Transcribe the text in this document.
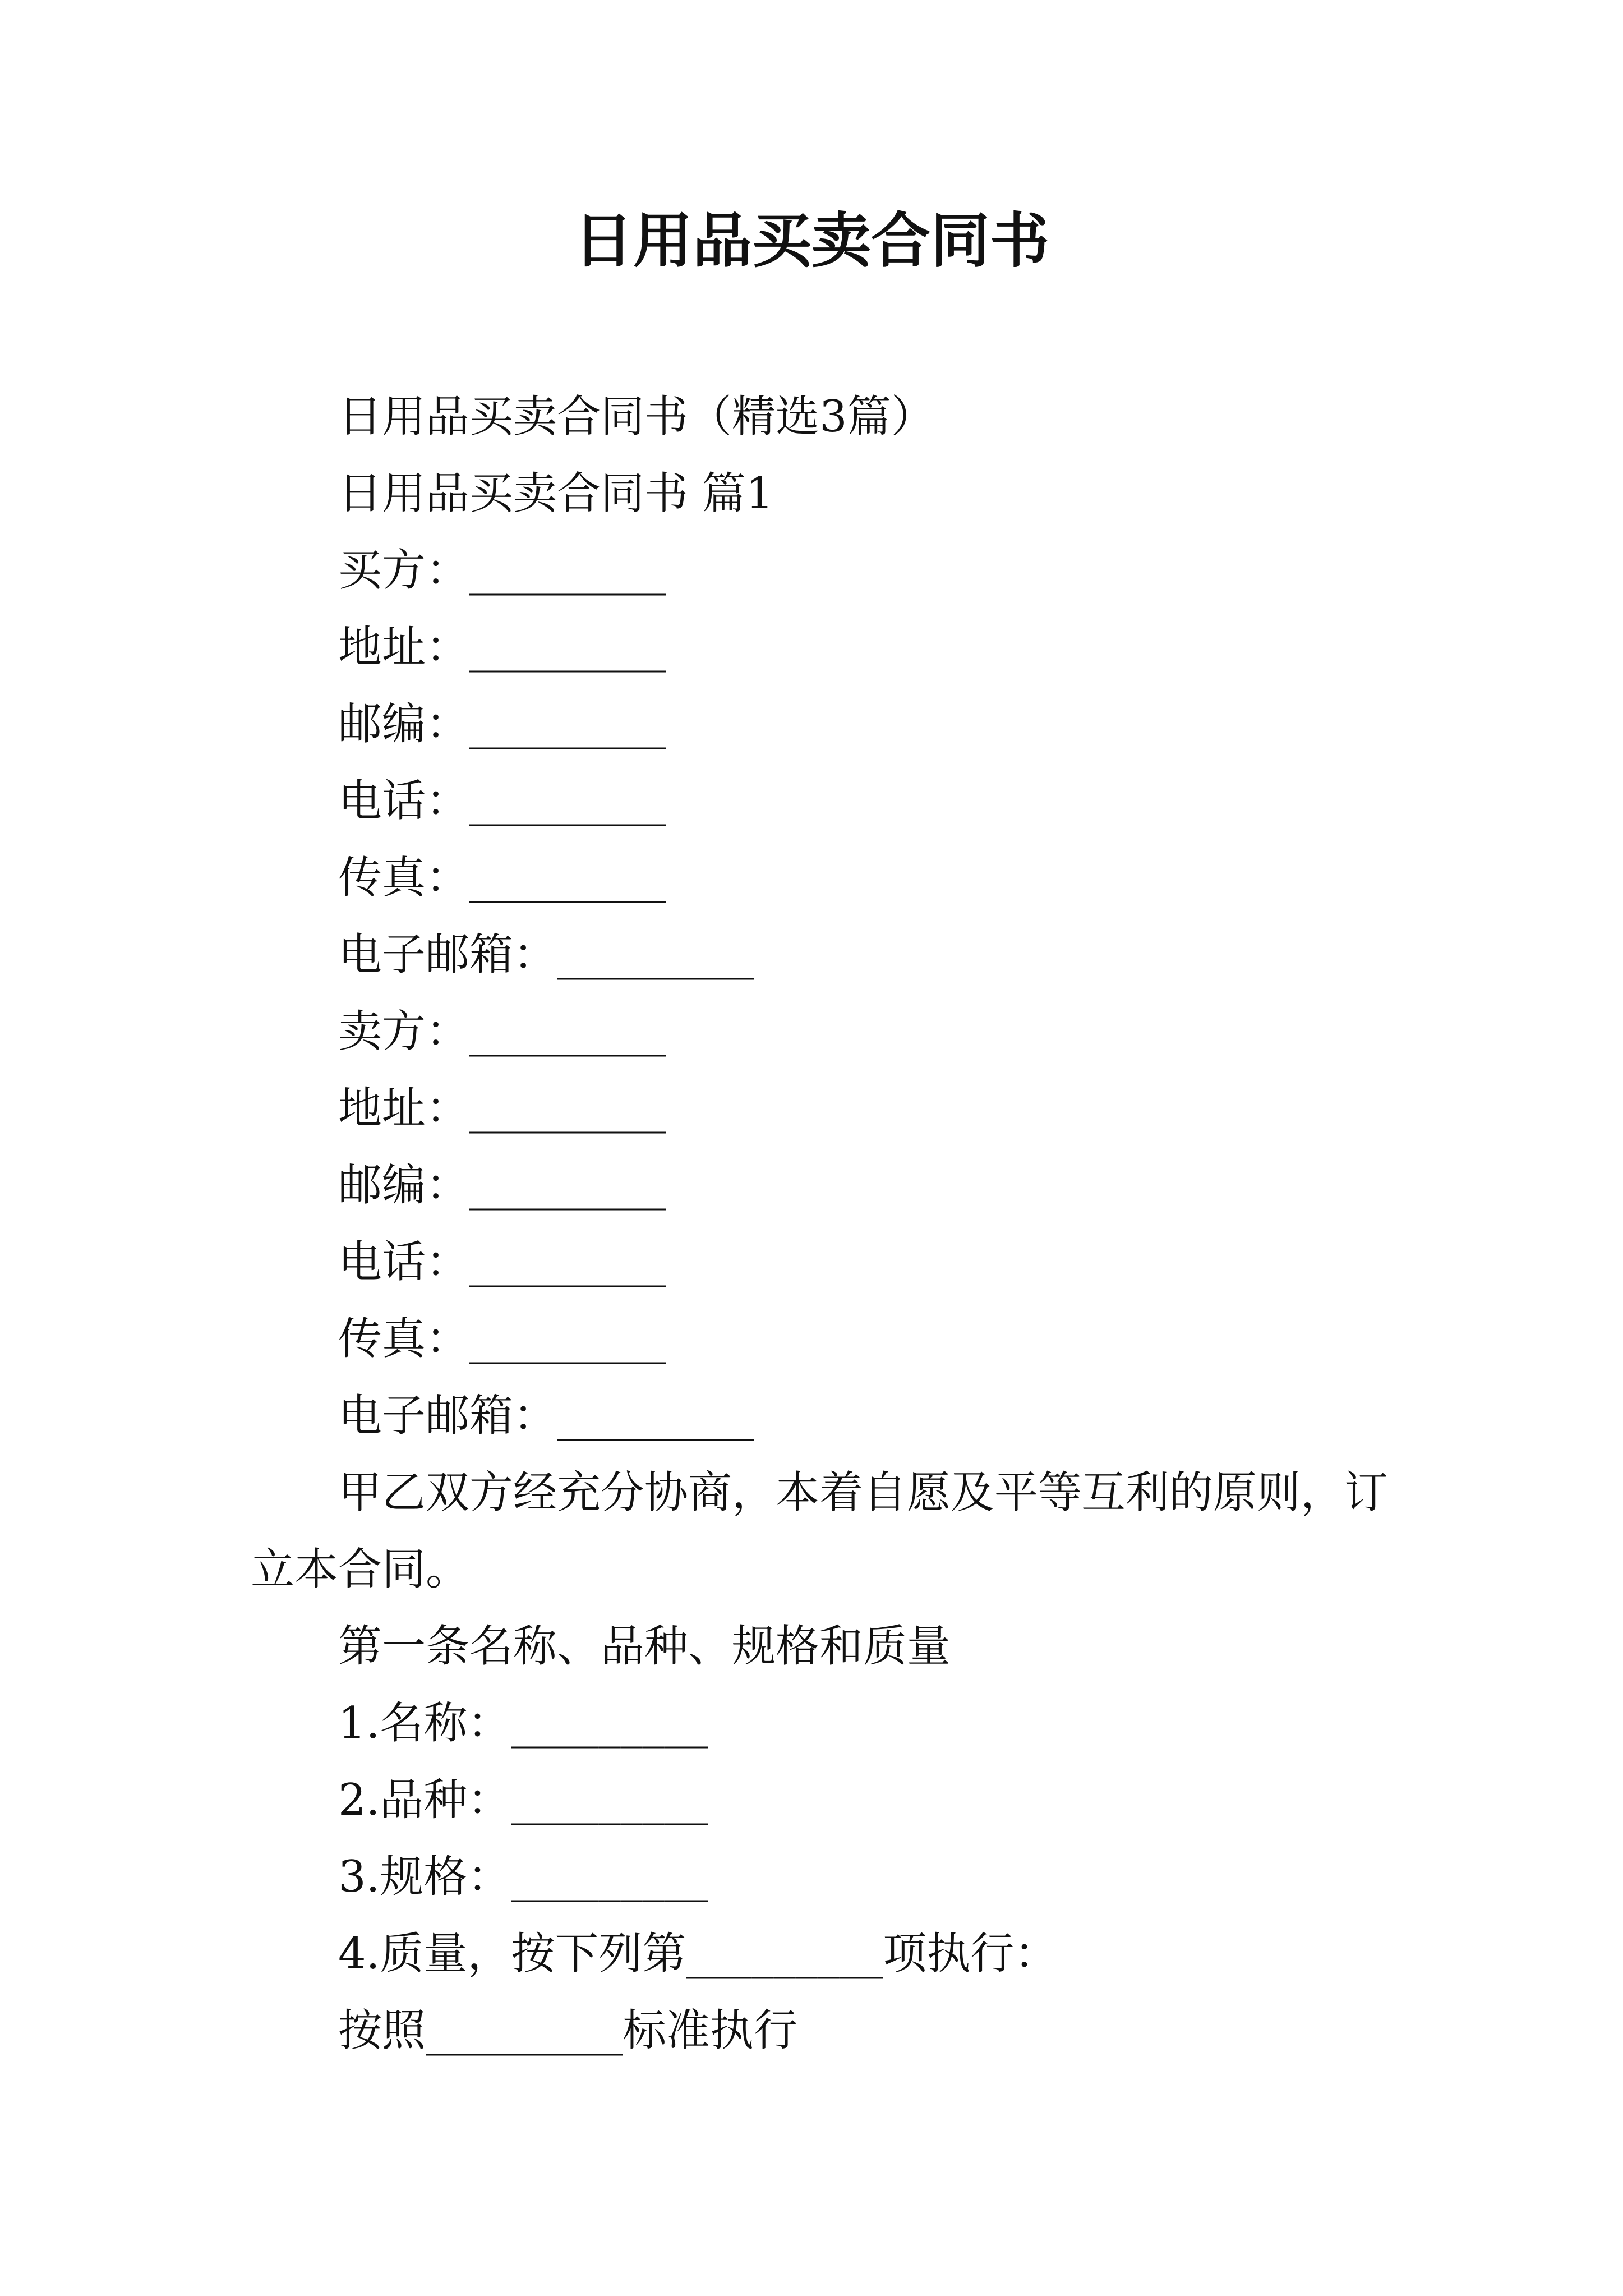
日用品买卖合同书

日用品买卖合同书（精选3篇）

日用品买卖合同书 篇1

买方：_________

地址：_________

邮编：_________

电话：_________

传真：_________

电子邮箱：_________

卖方：_________

地址：_________

邮编：_________

电话：_________

传真：_________

电子邮箱：_________

甲乙双方经充分协商，本着自愿及平等互利的原则，订立本合同。

第一条名称、品种、规格和质量

1.名称：_________

2.品种：_________

3.规格：_________

4.质量，按下列第_________项执行：

按照_________标准执行
